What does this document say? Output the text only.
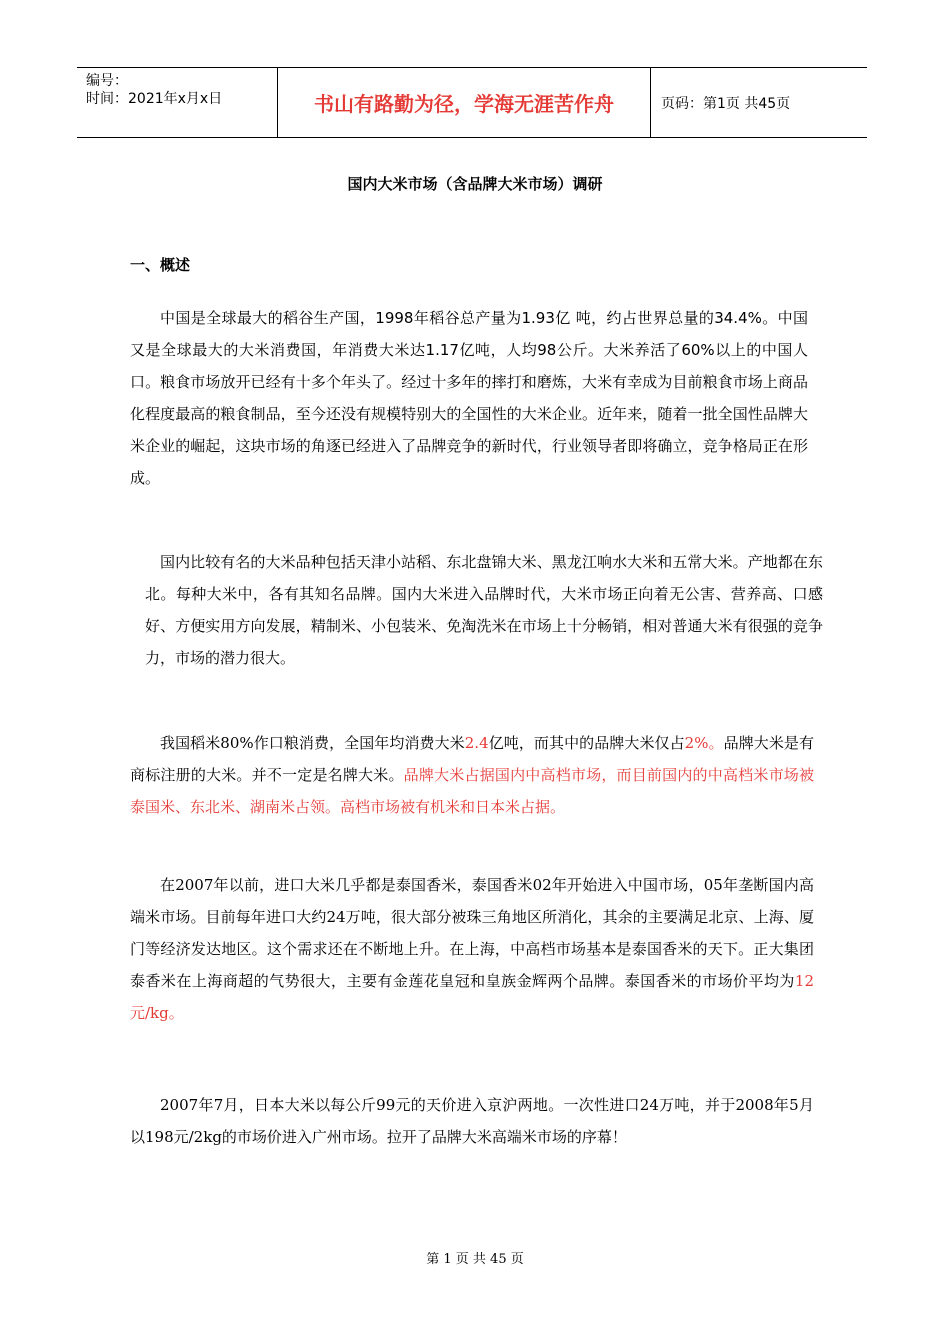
编号：
时间：2021年x月x日	书山有路勤为径，学海无涯苦作舟	页码：第1页 共45页
国内大米市场（含品牌大米市场）调研
一、概述
中国是全球最大的稻谷生产国，1998年稻谷总产量为1.93亿 吨，约占世界总量的34.4%。中国又是全球最大的大米消费国，年消费大米达1.17亿吨，人均98公斤。大米养活了60%以上的中国人口。粮食市场放开已经有十多个年头了。经过十多年的摔打和磨炼，大米有幸成为目前粮食市场上商品化程度最高的粮食制品，至今还没有规模特别大的全国性的大米企业。近年来，随着一批全国性品牌大米企业的崛起，这块市场的角逐已经进入了品牌竞争的新时代，行业领导者即将确立，竞争格局正在形成。
国内比较有名的大米品种包括天津小站稻、东北盘锦大米、黑龙江响水大米和五常大米。产地都在东北。每种大米中，各有其知名品牌。国内大米进入品牌时代，大米市场正向着无公害、营养高、口感好、方便实用方向发展，精制米、小包装米、免淘洗米在市场上十分畅销，相对普通大米有很强的竞争力，市场的潜力很大。
我国稻米80%作口粮消费，全国年均消费大米2.4亿吨，而其中的品牌大米仅占2%。品牌大米是有商标注册的大米。并不一定是名牌大米。品牌大米占据国内中高档市场，而目前国内的中高档米市场被泰国米、东北米、湖南米占领。高档市场被有机米和日本米占据。
在2007年以前，进口大米几乎都是泰国香米，泰国香米02年开始进入中国市场，05年垄断国内高端米市场。目前每年进口大约24万吨，很大部分被珠三角地区所消化，其余的主要满足北京、上海、厦门等经济发达地区。这个需求还在不断地上升。在上海，中高档市场基本是泰国香米的天下。正大集团泰香米在上海商超的气势很大，主要有金莲花皇冠和皇族金辉两个品牌。泰国香米的市场价平均为12元/kg。
2007年7月，日本大米以每公斤99元的天价进入京沪两地。一次性进口24万吨，并于2008年5月以198元/2kg的市场价进入广州市场。拉开了品牌大米高端米市场的序幕！
第 1 页 共 45 页
